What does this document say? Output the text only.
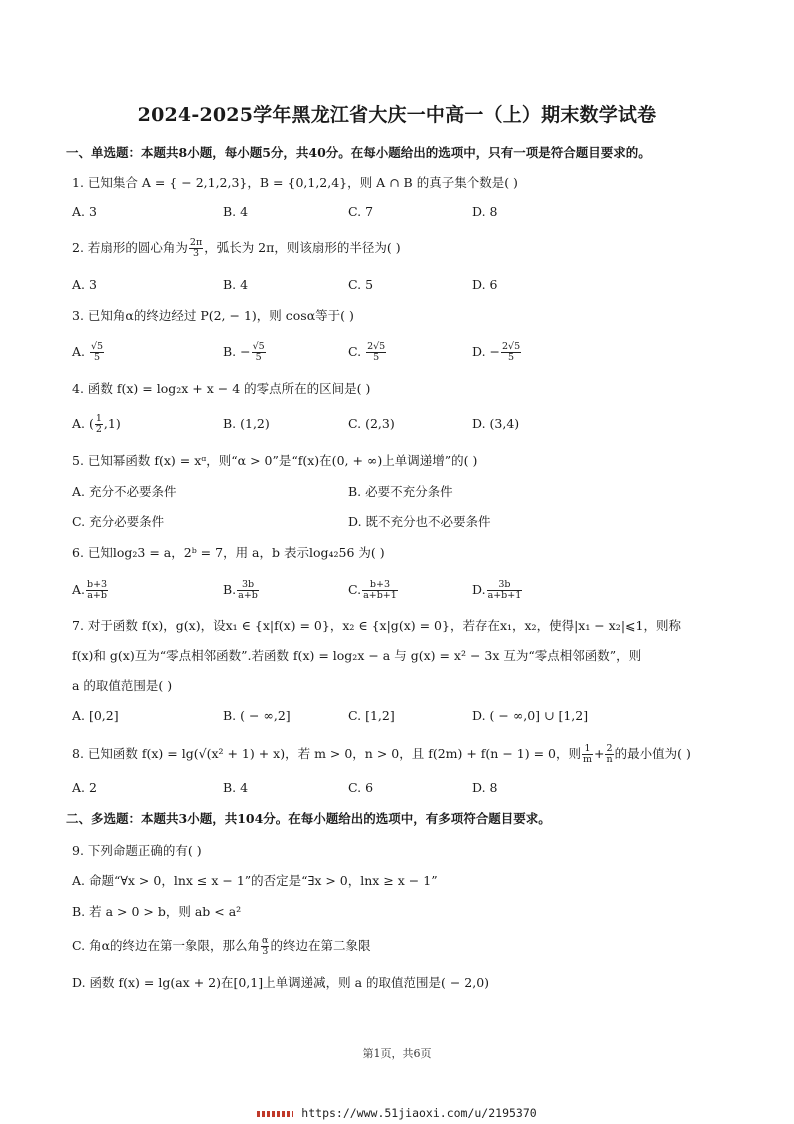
2024-2025学年黑龙江省大庆一中高一（上）期末数学试卷
一、单选题：本题共8小题，每小题5分，共40分。在每小题给出的选项中，只有一项是符合题目要求的。
1. 已知集合 A = { − 2,1,2,3}，B = {0,1,2,4}，则 A ∩ B 的真子集个数是( )
A. 3	B. 4	C. 7	D. 8
2. 若扇形的圆心角为 $\frac{2\pi}{3}$ ，弧长为 2π，则该扇形的半径为( )
A. 3	B. 4	C. 5	D. 6
3. 已知角α的终边经过 P(2, − 1)，则 cosα等于( )
A. $\frac{√5}{5}$	B. − $\frac{√5}{5}$	C. $\frac{2√5}{5}$	D. − $\frac{2√5}{5}$
4. 函数 f(x) = log₂x + x − 4 的零点所在的区间是( )
A. ( $\frac{1}{2} ,1$)	B. (1,2)	C. (2,3)	D. (3,4)
5. 已知幂函数 f(x) = xᵅ，则“α > 0”是“f(x)在(0, + ∞)上单调递增”的( )
A. 充分不必要条件	B. 必要不充分条件
C. 充分必要条件	D. 既不充分也不必要条件
6. 已知log₂3 = a，2ᵇ = 7，用 a，b 表示log₄₂56 为( )
A. $\frac{b+3}{a+b}$	B. $\frac{3b}{a+b}$	C. $\frac{b+3}{a+b+1}$	D. $\frac{3b}{a+b+1}$
7. 对于函数 f(x)，g(x)，设x₁ ∈ {x|f(x) = 0}，x₂ ∈ {x|g(x) = 0}，若存在x₁，x₂，使得|x₁ − x₂|⩽1，则称
f(x)和 g(x)互为“零点相邻函数”.若函数 f(x) = log₂x − a 与 g(x) = x² − 3x 互为“零点相邻函数”，则
a 的取值范围是( )
A. [0,2]	B. ( − ∞,2]	C. [1,2]	D. ( − ∞,0] ∪ [1,2]
8. 已知函数 f(x) = lg(√(x² + 1) + x)，若 m > 0，n > 0，且 f(2m) + f(n − 1) = 0，则 $\frac{1}{m} + \frac{2}{n}$ 的最小值为( )
A. 2	B. 4	C. 6	D. 8
二、多选题：本题共3小题，共104分。在每小题给出的选项中，有多项符合题目要求。
9. 下列命题正确的有( )
A. 命题“∀x > 0，lnx ≤ x − 1”的否定是“∃x > 0，lnx ≥ x − 1”
B. 若 a > 0 > b，则 ab < a²
C. 角α的终边在第一象限，那么角 $\frac{\alpha}{3}$ 的终边在第二象限
D. 函数 f(x) = lg(ax + 2)在[0,1]上单调递减，则 a 的取值范围是( − 2,0)
第1页，共6页
https://www.51jiaoxi.com/u/2195370
